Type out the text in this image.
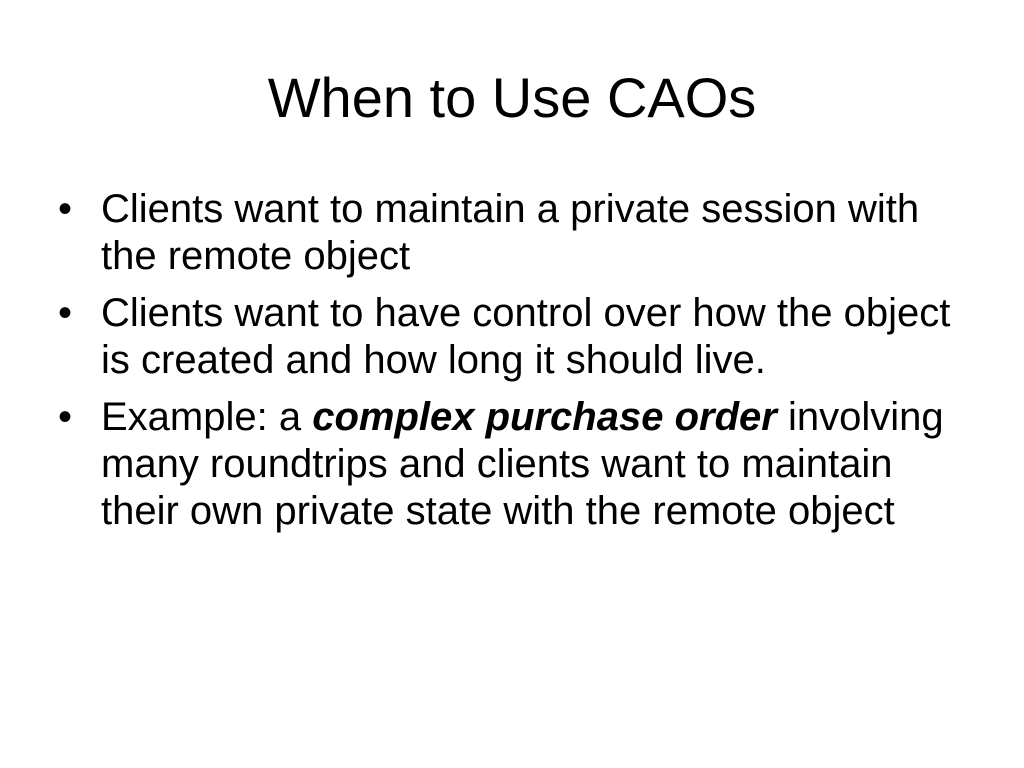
When to Use CAOs
• Clients want to maintain a private session with the remote object
• Clients want to have control over how the object is created and how long it should live.
• Example: a complex purchase order involving many roundtrips and clients want to maintain their own private state with the remote object
